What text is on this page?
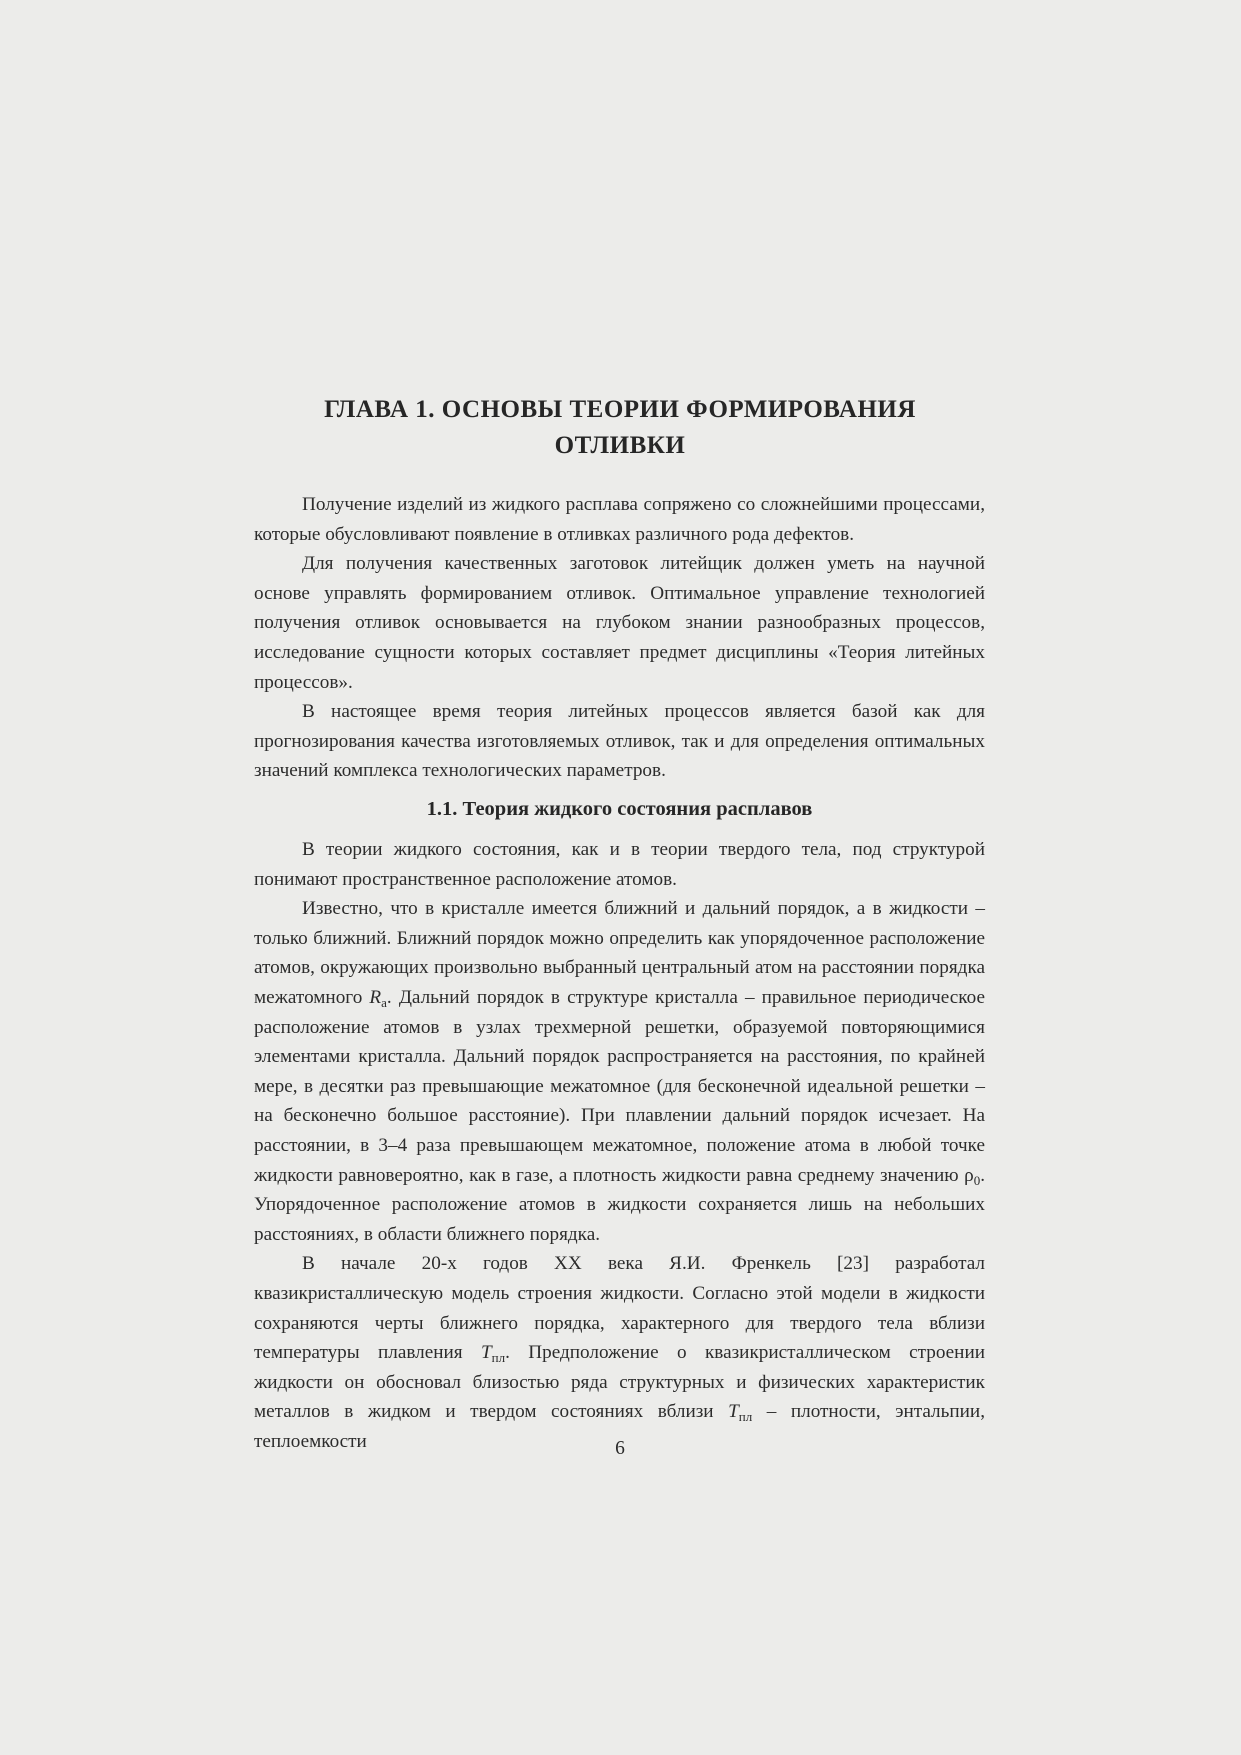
ГЛАВА 1. ОСНОВЫ ТЕОРИИ ФОРМИРОВАНИЯ
ОТЛИВКИ

Получение изделий из жидкого расплава сопряжено со сложнейшими процессами, которые обусловливают появление в отливках различного рода дефектов.

Для получения качественных заготовок литейщик должен уметь на научной основе управлять формированием отливок. Оптимальное управление технологией получения отливок основывается на глубоком знании разнообразных процессов, исследование сущности которых составляет предмет дисциплины «Теория литейных процессов».

В настоящее время теория литейных процессов является базой как для прогнозирования качества изготовляемых отливок, так и для определения оптимальных значений комплекса технологических параметров.

1.1. Теория жидкого состояния расплавов

В теории жидкого состояния, как и в теории твердого тела, под структурой понимают пространственное расположение атомов.

Известно, что в кристалле имеется ближний и дальний порядок, а в жидкости – только ближний. Ближний порядок можно определить как упорядоченное расположение атомов, окружающих произвольно выбранный центральный атом на расстоянии порядка межатомного $R_а$. Дальний порядок в структуре кристалла – правильное периодическое расположение атомов в узлах трехмерной решетки, образуемой повторяющимися элементами кристалла. Дальний порядок распространяется на расстояния, по крайней мере, в десятки раз превышающие межатомное (для бесконечной идеальной решетки – на бесконечно большое расстояние). При плавлении дальний порядок исчезает. На расстоянии, в 3–4 раза превышающем межатомное, положение атома в любой точке жидкости равновероятно, как в газе, а плотность жидкости равна среднему значению $\rho_0$. Упорядоченное расположение атомов в жидкости сохраняется лишь на небольших расстояниях, в области ближнего порядка.

В начале 20-х годов XX века Я.И. Френкель [23] разработал квазикристаллическую модель строения жидкости. Согласно этой модели в жидкости сохраняются черты ближнего порядка, характерного для твердого тела вблизи температуры плавления $T_{пл}$. Предположение о квазикристаллическом строении жидкости он обосновал близостью ряда структурных и физических характеристик металлов в жидком и твердом состояниях вблизи $T_{пл}$ – плотности, энтальпии, теплоемкости	6
